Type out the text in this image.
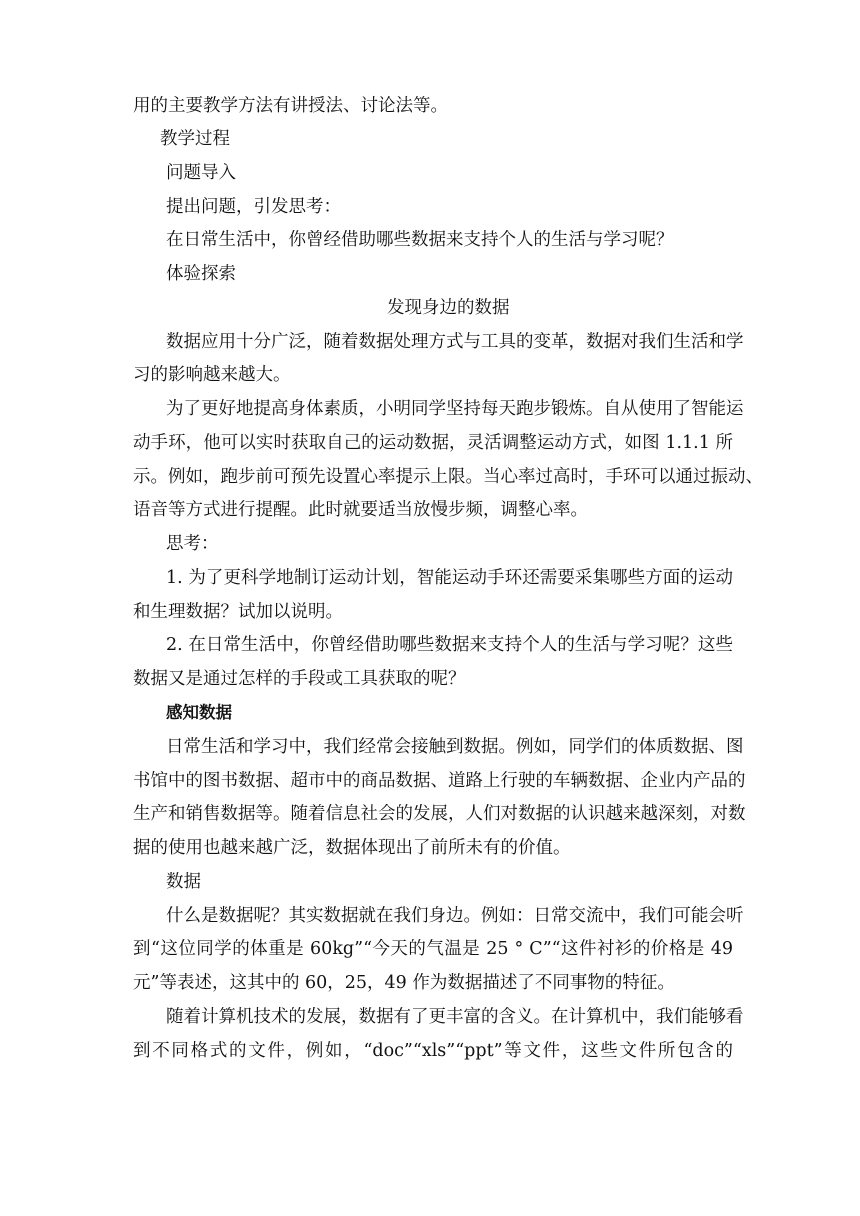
用的主要教学方法有讲授法、讨论法等。
教学过程
问题导入
提出问题，引发思考：
在日常生活中，你曾经借助哪些数据来支持个人的生活与学习呢？
体验探索
发现身边的数据
数据应用十分广泛，随着数据处理方式与工具的变革，数据对我们生活和学
习的影响越来越大。
为了更好地提高身体素质，小明同学坚持每天跑步锻炼。自从使用了智能运
动手环，他可以实时获取自己的运动数据，灵活调整运动方式，如图 1.1.1 所
示。例如，跑步前可预先设置心率提示上限。当心率过高时，手环可以通过振动、
语音等方式进行提醒。此时就要适当放慢步频，调整心率。
思考：
1. 为了更科学地制订运动计划，智能运动手环还需要采集哪些方面的运动
和生理数据？试加以说明。
2. 在日常生活中，你曾经借助哪些数据来支持个人的生活与学习呢？这些
数据又是通过怎样的手段或工具获取的呢？
感知数据
日常生活和学习中，我们经常会接触到数据。例如，同学们的体质数据、图
书馆中的图书数据、超市中的商品数据、道路上行驶的车辆数据、企业内产品的
生产和销售数据等。随着信息社会的发展，人们对数据的认识越来越深刻，对数
据的使用也越来越广泛，数据体现出了前所未有的价值。
数据
什么是数据呢？其实数据就在我们身边。例如：日常交流中，我们可能会听
到“这位同学的体重是 60kg”“今天的气温是 25 ° C”“这件衬衫的价格是 49
元”等表述，这其中的 60，25，49 作为数据描述了不同事物的特征。
随着计算机技术的发展，数据有了更丰富的含义。在计算机中，我们能够看
到不同格式的文件，例如，“doc”“xls”“ppt”等文件，这些文件所包含的
